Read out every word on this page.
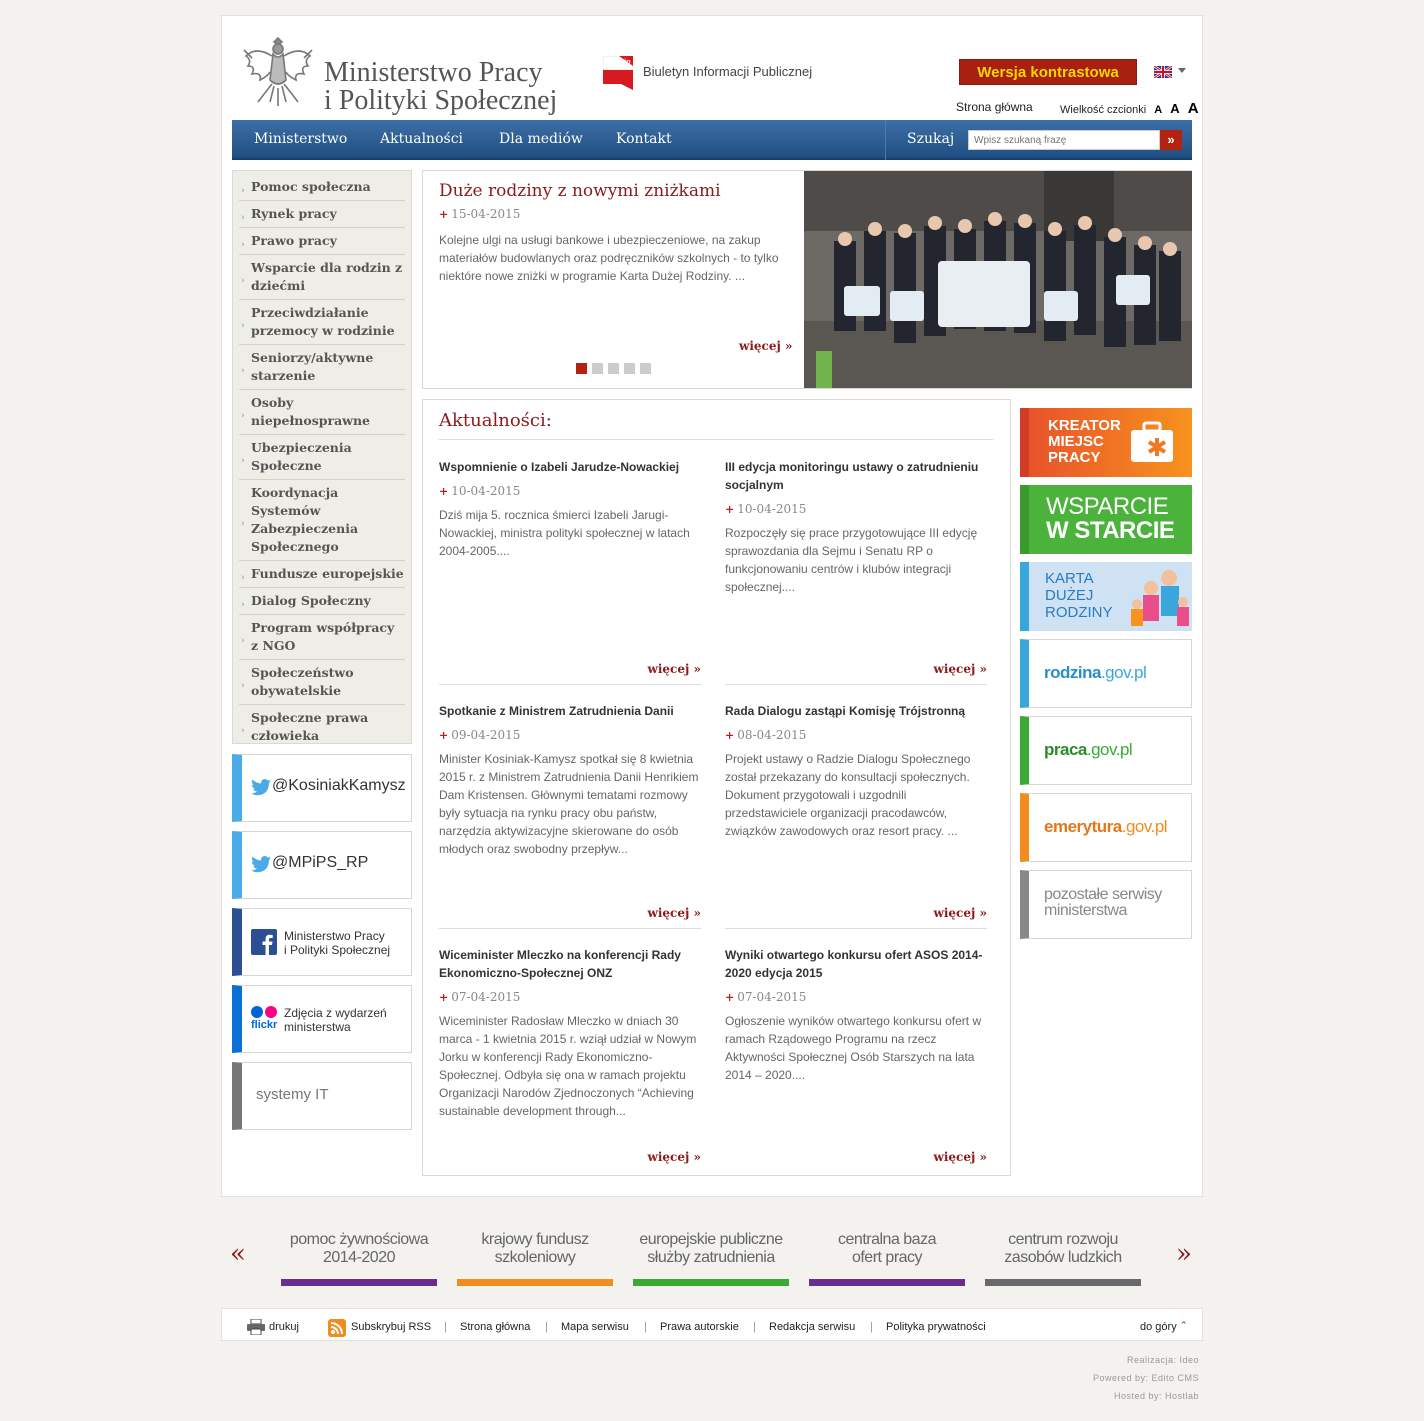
Ministerstwo Pracy
i Polityki Społecznej
bip
Biuletyn Informacji Publicznej	Wersja kontrastowa
Strona główna Wielkość czcionki A A A
Ministerstwo Aktualności	Dla mediów Kontakt	Szukaj
Wpisz szukaną frazę	»
› Pomoc społeczna
› Rynek pracy
› Prawo pracy
›
Wsparcie dla rodzin z dziećmi
›
Przeciwdziałanie przemocy w rodzinie
›
Seniorzy/aktywne starzenie
›
Osoby niepełnosprawne
›
Ubezpieczenia Społeczne
›
Koordynacja Systemów Zabezpieczenia Społecznego
› Fundusze europejskie
› Dialog Społeczny
›
Program współpracy z NGO
›
Społeczeństwo obywatelskie
›
Społeczne prawa człowieka
@KosiniakKamysz
@MPiPS_RP
Ministerstwo Pracy
i Polityki Społecznej
flickr
Zdjęcia z wydarzeń
ministerstwa
systemy IT
Duże rodziny z nowymi zniżkami
+ 15-04-2015
Kolejne ulgi na usługi bankowe i ubezpieczeniowe, na zakup materiałów budowlanych oraz podręczników szkolnych - to tylko niektóre nowe zniżki w programie Karta Dużej Rodziny. ...
więcej »
Aktualności:
Wspomnienie o Izabeli Jarudze-Nowackiej
+ 10-04-2015
Dziś mija 5. rocznica śmierci Izabeli Jarugi-Nowackiej, ministra polityki społecznej w latach 2004-2005....
więcej »
III edycja monitoringu ustawy o zatrudnieniu socjalnym
+ 10-04-2015
Rozpoczęły się prace przygotowujące III edycję sprawozdania dla Sejmu i Senatu RP o funkcjonowaniu centrów i klubów integracji społecznej....
więcej »
Spotkanie z Ministrem Zatrudnienia Danii
+ 09-04-2015
Minister Kosiniak-Kamysz spotkał się 8 kwietnia 2015 r. z Ministrem Zatrudnienia Danii Henrikiem Dam Kristensen. Głównymi tematami rozmowy były sytuacja na rynku pracy obu państw, narzędzia aktywizacyjne skierowane do osób młodych oraz swobodny przepływ...
więcej »
Rada Dialogu zastąpi Komisję Trójstronną
+ 08-04-2015
Projekt ustawy o Radzie Dialogu Społecznego został przekazany do konsultacji społecznych. Dokument przygotowali i uzgodnili przedstawiciele organizacji pracodawców, związków zawodowych oraz resort pracy. ...
więcej »
Wiceminister Mleczko na konferencji Rady Ekonomiczno-Społecznej ONZ
+ 07-04-2015
Wiceminister Radosław Mleczko w dniach 30 marca - 1 kwietnia 2015 r. wziął udział w Nowym Jorku w konferencji Rady Ekonomiczno-Społecznej. Odbyła się ona w ramach projektu Organizacji Narodów Zjednoczonych “Achieving sustainable development through...
więcej »
Wyniki otwartego konkursu ofert ASOS 2014-2020 edycja 2015
+ 07-04-2015
Ogłoszenie wyników otwartego konkursu ofert w ramach Rządowego Programu na rzecz Aktywności Społecznej Osób Starszych na lata 2014 – 2020....
więcej »
KREATOR
MIEJSC
PRACY
WSPARCIE
W STARCIE
KARTA
DUŻEJ
RODZINY
rodzina.gov.pl
praca.gov.pl
emerytura.gov.pl
pozostałe serwisy
ministerstwa
«	»
pomoc żywnościowa
2014-2020
krajowy fundusz
szkoleniowy
europejskie publiczne
służby zatrudnienia
centralna baza
ofert pracy
centrum rozwoju
zasobów ludzkich
drukuj	Subskrybuj RSS | Strona główna | Mapa serwisu | Prawa autorskie | Redakcja serwisu | Polityka prywatności	do góry ˆ
Realizacja: Ideo
Powered by: Edito CMS
Hosted by: Hostlab
